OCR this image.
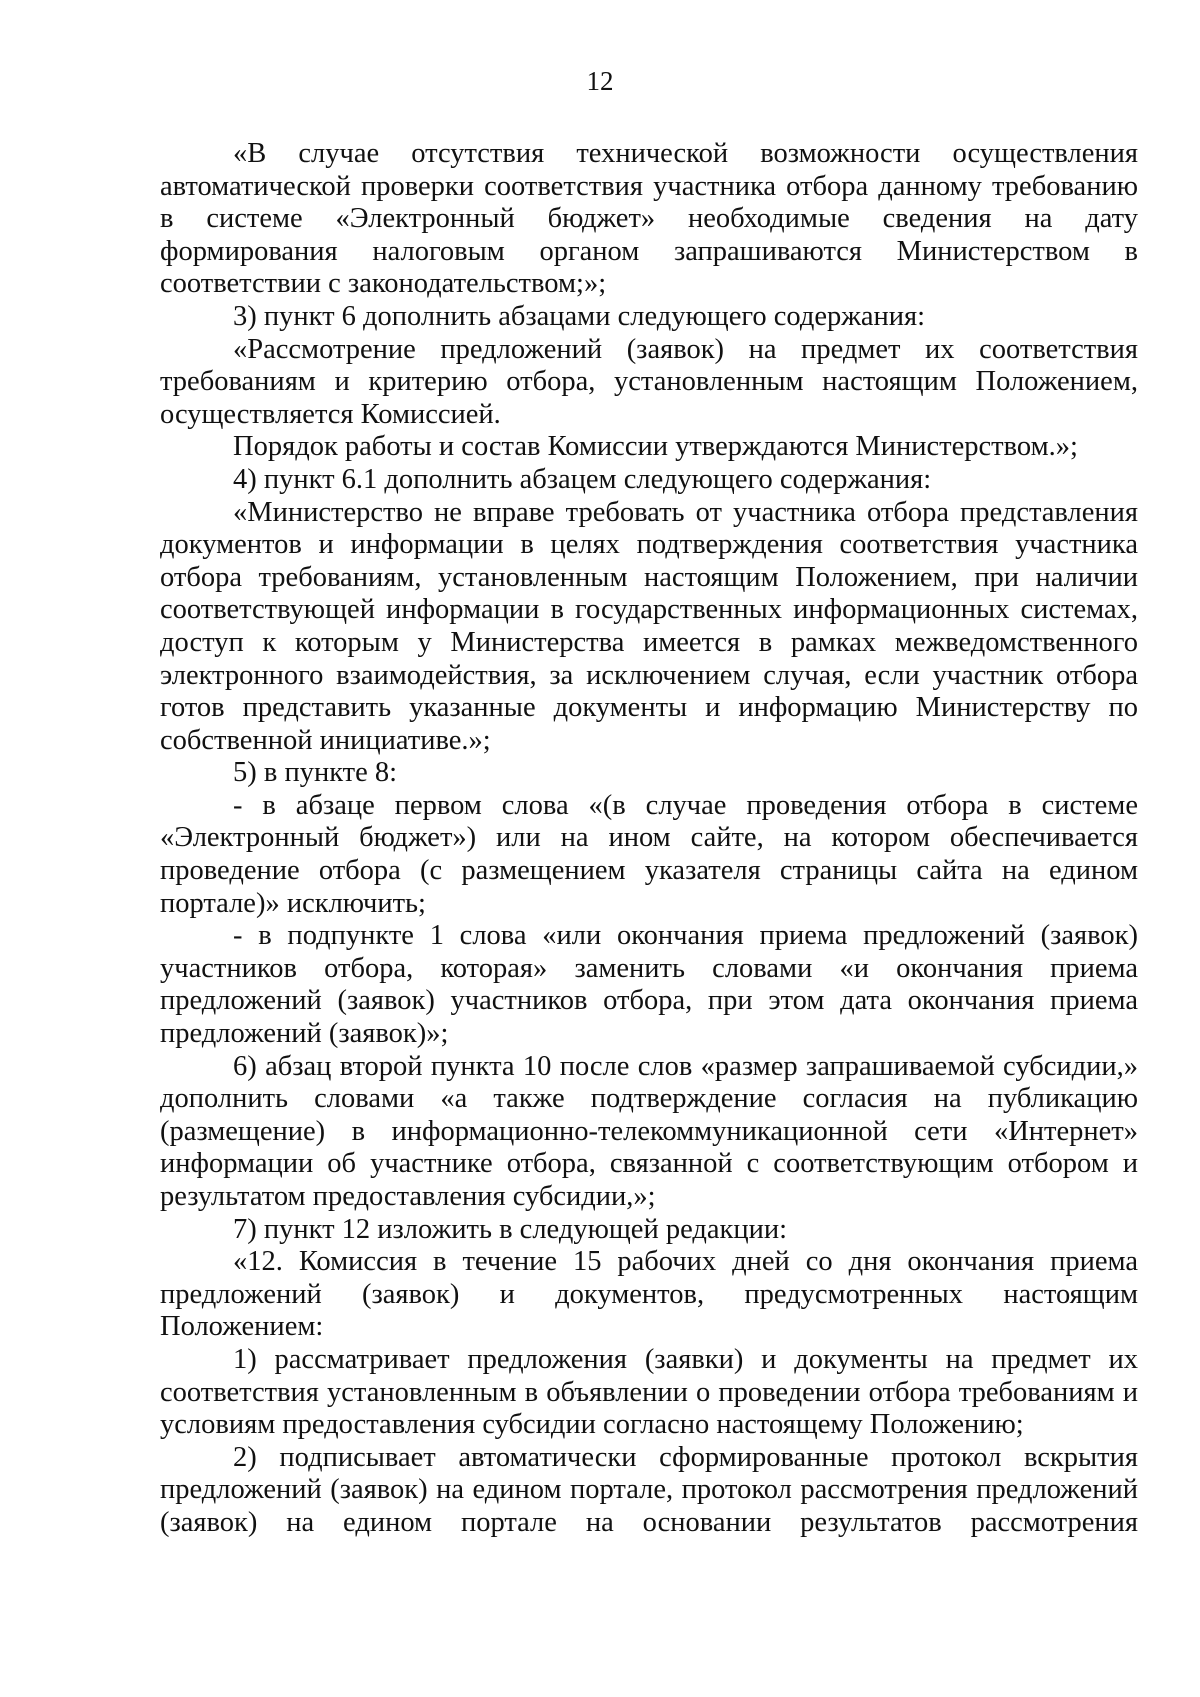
12

«В случае отсутствия технической возможности осуществления автоматической проверки соответствия участника отбора данному требованию в системе «Электронный бюджет» необходимые сведения на дату формирования налоговым органом запрашиваются Министерством в соответствии с законодательством;»;

3) пункт 6 дополнить абзацами следующего содержания:

«Рассмотрение предложений (заявок) на предмет их соответствия требованиям и критерию отбора, установленным настоящим Положением, осуществляется Комиссией.

Порядок работы и состав Комиссии утверждаются Министерством.»;

4) пункт 6.1 дополнить абзацем следующего содержания:

«Министерство не вправе требовать от участника отбора представления документов и информации в целях подтверждения соответствия участника отбора требованиям, установленным настоящим Положением, при наличии соответствующей информации в государственных информационных системах, доступ к которым у Министерства имеется в рамках межведомственного электронного взаимодействия, за исключением случая, если участник отбора готов представить указанные документы и информацию Министерству по собственной инициативе.»;

5) в пункте 8:

- в абзаце первом слова «(в случае проведения отбора в системе «Электронный бюджет») или на ином сайте, на котором обеспечивается проведение отбора (с размещением указателя страницы сайта на едином портале)» исключить;

- в подпункте 1 слова «или окончания приема предложений (заявок) участников отбора, которая» заменить словами «и окончания приема предложений (заявок) участников отбора, при этом дата окончания приема предложений (заявок)»;

6) абзац второй пункта 10 после слов «размер запрашиваемой субсидии,» дополнить словами «а также подтверждение согласия на публикацию (размещение) в информационно-телекоммуникационной сети «Интернет» информации об участнике отбора, связанной с соответствующим отбором и результатом предоставления субсидии,»;

7) пункт 12 изложить в следующей редакции:

«12. Комиссия в течение 15 рабочих дней со дня окончания приема предложений (заявок) и документов, предусмотренных настоящим Положением:

1) рассматривает предложения (заявки) и документы на предмет их соответствия установленным в объявлении о проведении отбора требованиям и условиям предоставления субсидии согласно настоящему Положению;

2) подписывает автоматически сформированные протокол вскрытия предложений (заявок) на едином портале, протокол рассмотрения предложений (заявок) на едином портале на основании результатов рассмотрения
